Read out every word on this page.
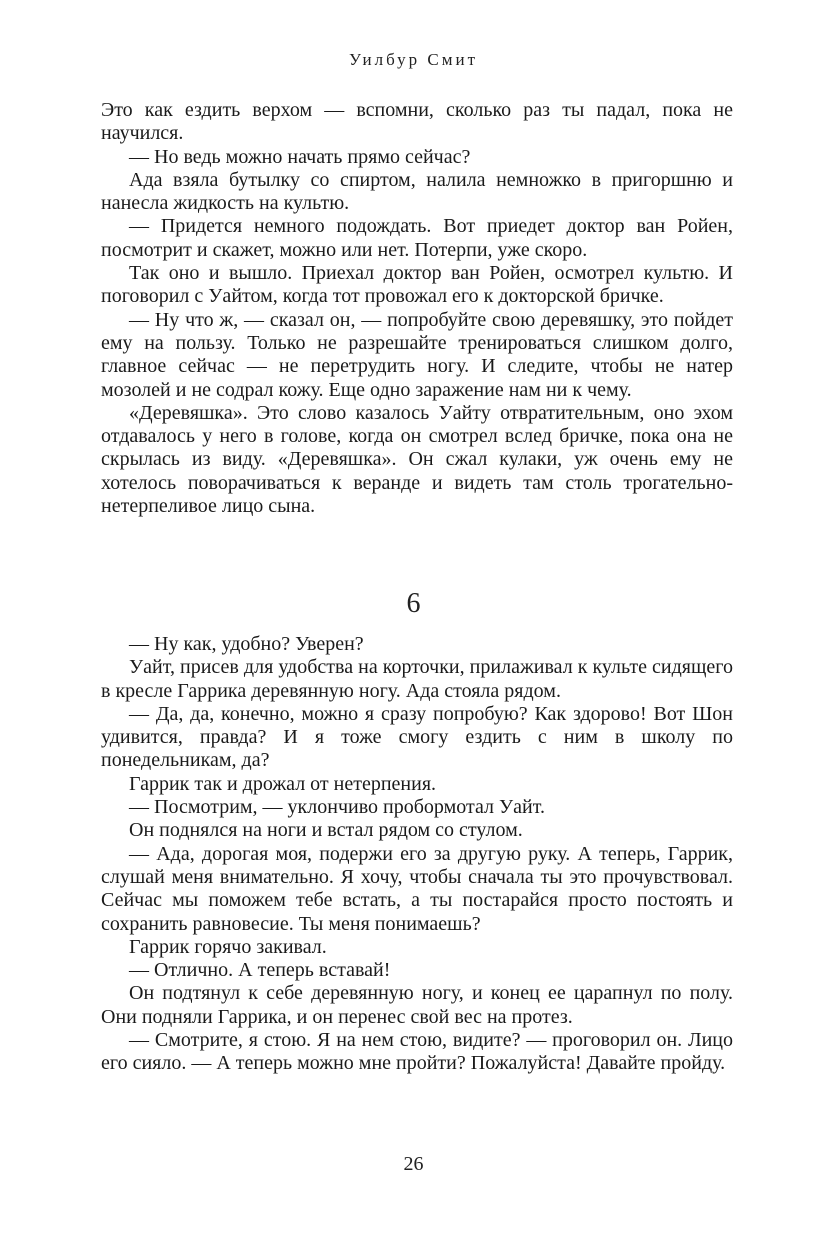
Уилбур Смит

Это как ездить верхом — вспомни, сколько раз ты падал, пока не научился.

— Но ведь можно начать прямо сейчас?

Ада взяла бутылку со спиртом, налила немножко в пригоршню и нанесла жидкость на культю.

— Придется немного подождать. Вот приедет доктор ван Ройен, посмотрит и скажет, можно или нет. Потерпи, уже скоро.

Так оно и вышло. Приехал доктор ван Ройен, осмотрел культю. И поговорил с Уайтом, когда тот провожал его к докторской бричке.

— Ну что ж, — сказал он, — попробуйте свою деревяшку, это пойдет ему на пользу. Только не разрешайте тренироваться слишком долго, главное сейчас — не перетрудить ногу. И следите, чтобы не натер мозолей и не содрал кожу. Еще одно заражение нам ни к чему.

«Деревяшка». Это слово казалось Уайту отвратительным, оно эхом отдавалось у него в голове, когда он смотрел вслед бричке, пока она не скрылась из виду. «Деревяшка». Он сжал кулаки, уж очень ему не хотелось поворачиваться к веранде и видеть там столь трогательно-нетерпеливое лицо сына.

6

— Ну как, удобно? Уверен?

Уайт, присев для удобства на корточки, прилаживал к культе сидящего в кресле Гаррика деревянную ногу. Ада стояла рядом.

— Да, да, конечно, можно я сразу попробую? Как здорово! Вот Шон удивится, правда? И я тоже смогу ездить с ним в школу по понедельникам, да?

Гаррик так и дрожал от нетерпения.

— Посмотрим, — уклончиво пробормотал Уайт.

Он поднялся на ноги и встал рядом со стулом.

— Ада, дорогая моя, подержи его за другую руку. А теперь, Гаррик, слушай меня внимательно. Я хочу, чтобы сначала ты это прочувствовал. Сейчас мы поможем тебе встать, а ты постарайся просто постоять и сохранить равновесие. Ты меня понимаешь?

Гаррик горячо закивал.

— Отлично. А теперь вставай!

Он подтянул к себе деревянную ногу, и конец ее царапнул по полу. Они подняли Гаррика, и он перенес свой вес на протез.

— Смотрите, я стою. Я на нем стою, видите? — проговорил он. Лицо его сияло. — А теперь можно мне пройти? Пожалуйста! Давайте пройду.

26
